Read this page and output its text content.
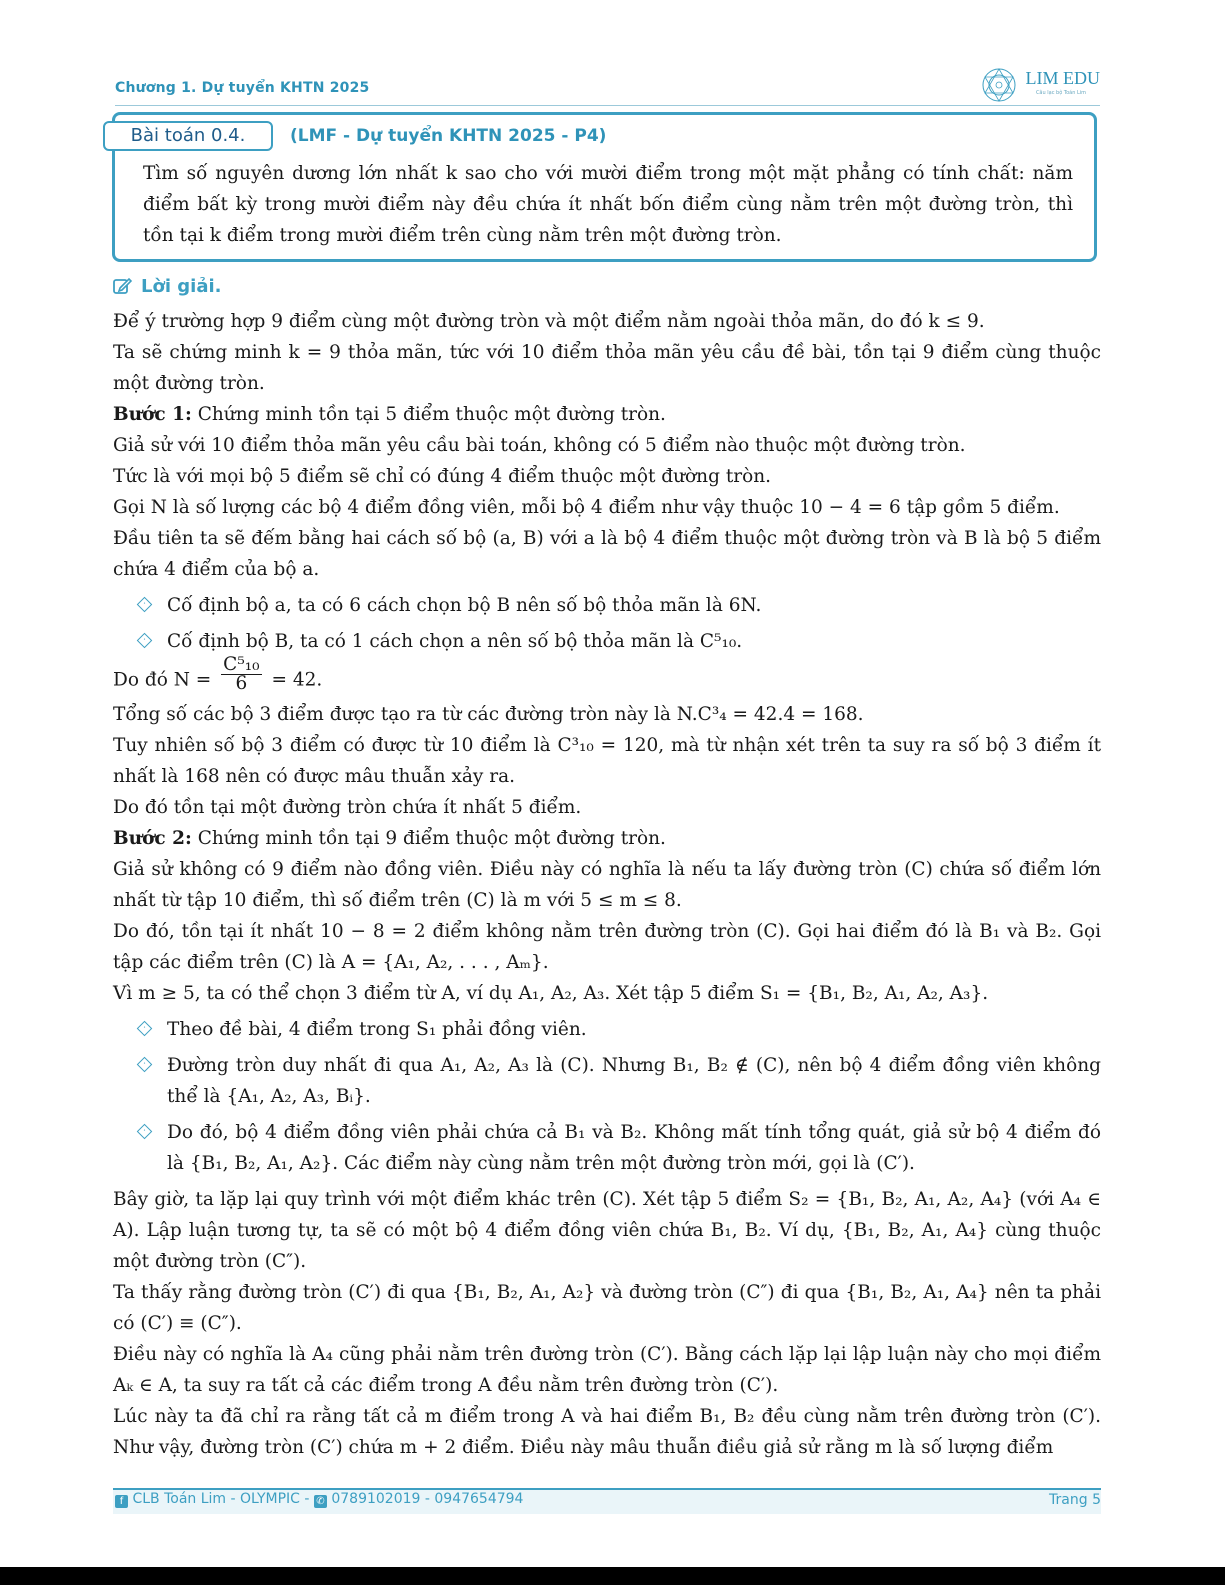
Chương 1. Dự tuyển KHTN 2025	LIM EDU
Câu lạc bộ Toán Lim
Bài toán 0.4.	(LMF - Dự tuyển KHTN 2025 - P4)
Tìm số nguyên dương lớn nhất k sao cho với mười điểm trong một mặt phẳng có tính chất: năm điểm bất kỳ trong mười điểm này đều chứa ít nhất bốn điểm cùng nằm trên một đường tròn, thì tồn tại k điểm trong mười điểm trên cùng nằm trên một đường tròn.
Lời giải.

Để ý trường hợp 9 điểm cùng một đường tròn và một điểm nằm ngoài thỏa mãn, do đó k ≤ 9.

Ta sẽ chứng minh k = 9 thỏa mãn, tức với 10 điểm thỏa mãn yêu cầu đề bài, tồn tại 9 điểm cùng thuộc một đường tròn.

Bước 1: Chứng minh tồn tại 5 điểm thuộc một đường tròn.

Giả sử với 10 điểm thỏa mãn yêu cầu bài toán, không có 5 điểm nào thuộc một đường tròn.

Tức là với mọi bộ 5 điểm sẽ chỉ có đúng 4 điểm thuộc một đường tròn.

Gọi N là số lượng các bộ 4 điểm đồng viên, mỗi bộ 4 điểm như vậy thuộc 10 − 4 = 6 tập gồm 5 điểm.

Đầu tiên ta sẽ đếm bằng hai cách số bộ (a, B) với a là bộ 4 điểm thuộc một đường tròn và B là bộ 5 điểm chứa 4 điểm của bộ a.

Cố định bộ a, ta có 6 cách chọn bộ B nên số bộ thỏa mãn là 6N.

Cố định bộ B, ta có 1 cách chọn a nên số bộ thỏa mãn là C⁵₁₀.

Do đó $N = \frac{\text{C⁵₁₀}}{6} = 42$.

Tổng số các bộ 3 điểm được tạo ra từ các đường tròn này là N.C³₄ = 42.4 = 168.

Tuy nhiên số bộ 3 điểm có được từ 10 điểm là C³₁₀ = 120, mà từ nhận xét trên ta suy ra số bộ 3 điểm ít nhất là 168 nên có được mâu thuẫn xảy ra.

Do đó tồn tại một đường tròn chứa ít nhất 5 điểm.

Bước 2: Chứng minh tồn tại 9 điểm thuộc một đường tròn.

Giả sử không có 9 điểm nào đồng viên. Điều này có nghĩa là nếu ta lấy đường tròn (C) chứa số điểm lớn nhất từ tập 10 điểm, thì số điểm trên (C) là m với 5 ≤ m ≤ 8.

Do đó, tồn tại ít nhất 10 − 8 = 2 điểm không nằm trên đường tròn (C). Gọi hai điểm đó là B₁ và B₂. Gọi tập các điểm trên (C) là A = {A₁, A₂, . . . , Aₘ}.

Vì m ≥ 5, ta có thể chọn 3 điểm từ A, ví dụ A₁, A₂, A₃. Xét tập 5 điểm S₁ = {B₁, B₂, A₁, A₂, A₃}.

Theo đề bài, 4 điểm trong S₁ phải đồng viên.

Đường tròn duy nhất đi qua A₁, A₂, A₃ là (C). Nhưng B₁, B₂ ∉ (C), nên bộ 4 điểm đồng viên không thể là {A₁, A₂, A₃, Bᵢ}.

Do đó, bộ 4 điểm đồng viên phải chứa cả B₁ và B₂. Không mất tính tổng quát, giả sử bộ 4 điểm đó là {B₁, B₂, A₁, A₂}. Các điểm này cùng nằm trên một đường tròn mới, gọi là (C′).

Bây giờ, ta lặp lại quy trình với một điểm khác trên (C). Xét tập 5 điểm S₂ = {B₁, B₂, A₁, A₂, A₄} (với A₄ ∈ A). Lập luận tương tự, ta sẽ có một bộ 4 điểm đồng viên chứa B₁, B₂. Ví dụ, {B₁, B₂, A₁, A₄} cùng thuộc một đường tròn (C″).

Ta thấy rằng đường tròn (C′) đi qua {B₁, B₂, A₁, A₂} và đường tròn (C″) đi qua {B₁, B₂, A₁, A₄} nên ta phải có (C′) ≡ (C″).

Điều này có nghĩa là A₄ cũng phải nằm trên đường tròn (C′). Bằng cách lặp lại lập luận này cho mọi điểm Aₖ ∈ A, ta suy ra tất cả các điểm trong A đều nằm trên đường tròn (C′).

Lúc này ta đã chỉ ra rằng tất cả m điểm trong A và hai điểm B₁, B₂ đều cùng nằm trên đường tròn (C′). Như vậy, đường tròn (C′) chứa m + 2 điểm. Điều này mâu thuẫn điều giả sử rằng m là số lượng điểm

f CLB Toán Lim - OLYMPIC - ✆ 0789102019 - 0947654794	Trang 5
